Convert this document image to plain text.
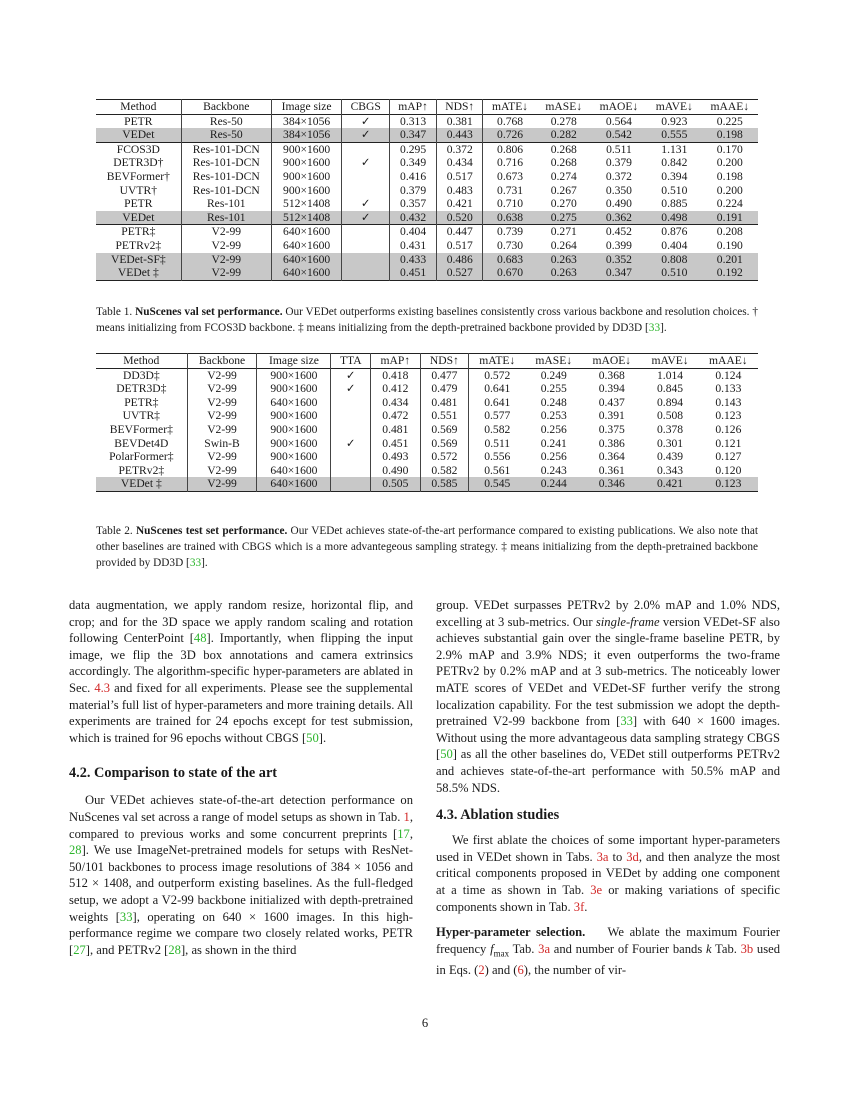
Method	Backbone	Image size	CBGS	mAP↑	NDS↑	mATE↓	mASE↓	mAOE↓	mAVE↓	mAAE↓
PETR	Res-50	384×1056	✓	0.313	0.381	0.768	0.278	0.564	0.923	0.225
VEDet	Res-50	384×1056	✓	0.347	0.443	0.726	0.282	0.542	0.555	0.198
FCOS3D	Res-101-DCN	900×1600		0.295	0.372	0.806	0.268	0.511	1.131	0.170
DETR3D†	Res-101-DCN	900×1600	✓	0.349	0.434	0.716	0.268	0.379	0.842	0.200
BEVFormer†	Res-101-DCN	900×1600		0.416	0.517	0.673	0.274	0.372	0.394	0.198
UVTR†	Res-101-DCN	900×1600		0.379	0.483	0.731	0.267	0.350	0.510	0.200
PETR	Res-101	512×1408	✓	0.357	0.421	0.710	0.270	0.490	0.885	0.224
VEDet	Res-101	512×1408	✓	0.432	0.520	0.638	0.275	0.362	0.498	0.191
PETR‡	V2-99	640×1600		0.404	0.447	0.739	0.271	0.452	0.876	0.208
PETRv2‡	V2-99	640×1600		0.431	0.517	0.730	0.264	0.399	0.404	0.190
VEDet-SF‡	V2-99	640×1600		0.433	0.486	0.683	0.263	0.352	0.808	0.201
VEDet ‡	V2-99	640×1600		0.451	0.527	0.670	0.263	0.347	0.510	0.192
Table 1. NuScenes val set performance. Our VEDet outperforms existing baselines consistently cross various backbone and resolution choices. † means initializing from FCOS3D backbone. ‡ means initializing from the depth-pretrained backbone provided by DD3D [33].
Method	Backbone	Image size	TTA	mAP↑	NDS↑	mATE↓	mASE↓	mAOE↓	mAVE↓	mAAE↓
DD3D‡	V2-99	900×1600	✓	0.418	0.477	0.572	0.249	0.368	1.014	0.124
DETR3D‡	V2-99	900×1600	✓	0.412	0.479	0.641	0.255	0.394	0.845	0.133
PETR‡	V2-99	640×1600		0.434	0.481	0.641	0.248	0.437	0.894	0.143
UVTR‡	V2-99	900×1600		0.472	0.551	0.577	0.253	0.391	0.508	0.123
BEVFormer‡	V2-99	900×1600		0.481	0.569	0.582	0.256	0.375	0.378	0.126
BEVDet4D	Swin-B	900×1600	✓	0.451	0.569	0.511	0.241	0.386	0.301	0.121
PolarFormer‡	V2-99	900×1600		0.493	0.572	0.556	0.256	0.364	0.439	0.127
PETRv2‡	V2-99	640×1600		0.490	0.582	0.561	0.243	0.361	0.343	0.120
VEDet ‡	V2-99	640×1600		0.505	0.585	0.545	0.244	0.346	0.421	0.123
Table 2. NuScenes test set performance. Our VEDet achieves state-of-the-art performance compared to existing publications. We also note that other baselines are trained with CBGS which is a more advantegeous sampling strategy. ‡ means initializing from the depth-pretrained backbone provided by DD3D [33].

data augmentation, we apply random resize, horizontal flip, and crop; and for the 3D space we apply random scaling and rotation following CenterPoint [48]. Importantly, when flipping the input image, we flip the 3D box annotations and camera extrinsics accordingly. The algorithm-specific hyper-parameters are ablated in Sec. 4.3 and fixed for all experiments. Please see the supplemental material’s full list of hyper-parameters and more training details. All experiments are trained for 24 epochs except for test submission, which is trained for 96 epochs without CBGS [50].

4.2. Comparison to state of the art

Our VEDet achieves state-of-the-art detection performance on NuScenes val set across a range of model setups as shown in Tab. 1, compared to previous works and some concurrent preprints [17, 28]. We use ImageNet-pretrained models for setups with ResNet-50/101 backbones to process image resolutions of 384 × 1056 and 512 × 1408, and outperform existing baselines. As the full-fledged setup, we adopt a V2-99 backbone initialized with depth-pretrained weights [33], operating on 640 × 1600 images. In this high-performance regime we compare two closely related works, PETR [27], and PETRv2 [28], as shown in the third

group. VEDet surpasses PETRv2 by 2.0% mAP and 1.0% NDS, excelling at 3 sub-metrics. Our single-frame version VEDet-SF also achieves substantial gain over the single-frame baseline PETR, by 2.9% mAP and 3.9% NDS; it even outperforms the two-frame PETRv2 by 0.2% mAP and at 3 sub-metrics. The noticeably lower mATE scores of VEDet and VEDet-SF further verify the strong localization capability. For the test submission we adopt the depth-pretrained V2-99 backbone from [33] with 640 × 1600 images. Without using the more advantageous data sampling strategy CBGS [50] as all the other baselines do, VEDet still outperforms PETRv2 and achieves state-of-the-art performance with 50.5% mAP and 58.5% NDS.

4.3. Ablation studies

We first ablate the choices of some important hyper-parameters used in VEDet shown in Tabs. 3a to 3d, and then analyze the most critical components proposed in VEDet by adding one component at a time as shown in Tab. 3e or making variations of specific components shown in Tab. 3f.

Hyper-parameter selection.    We ablate the maximum Fourier frequency $f_{max}$ Tab. 3a and number of Fourier bands k Tab. 3b used in Eqs. (2) and (6), the number of vir-

6
